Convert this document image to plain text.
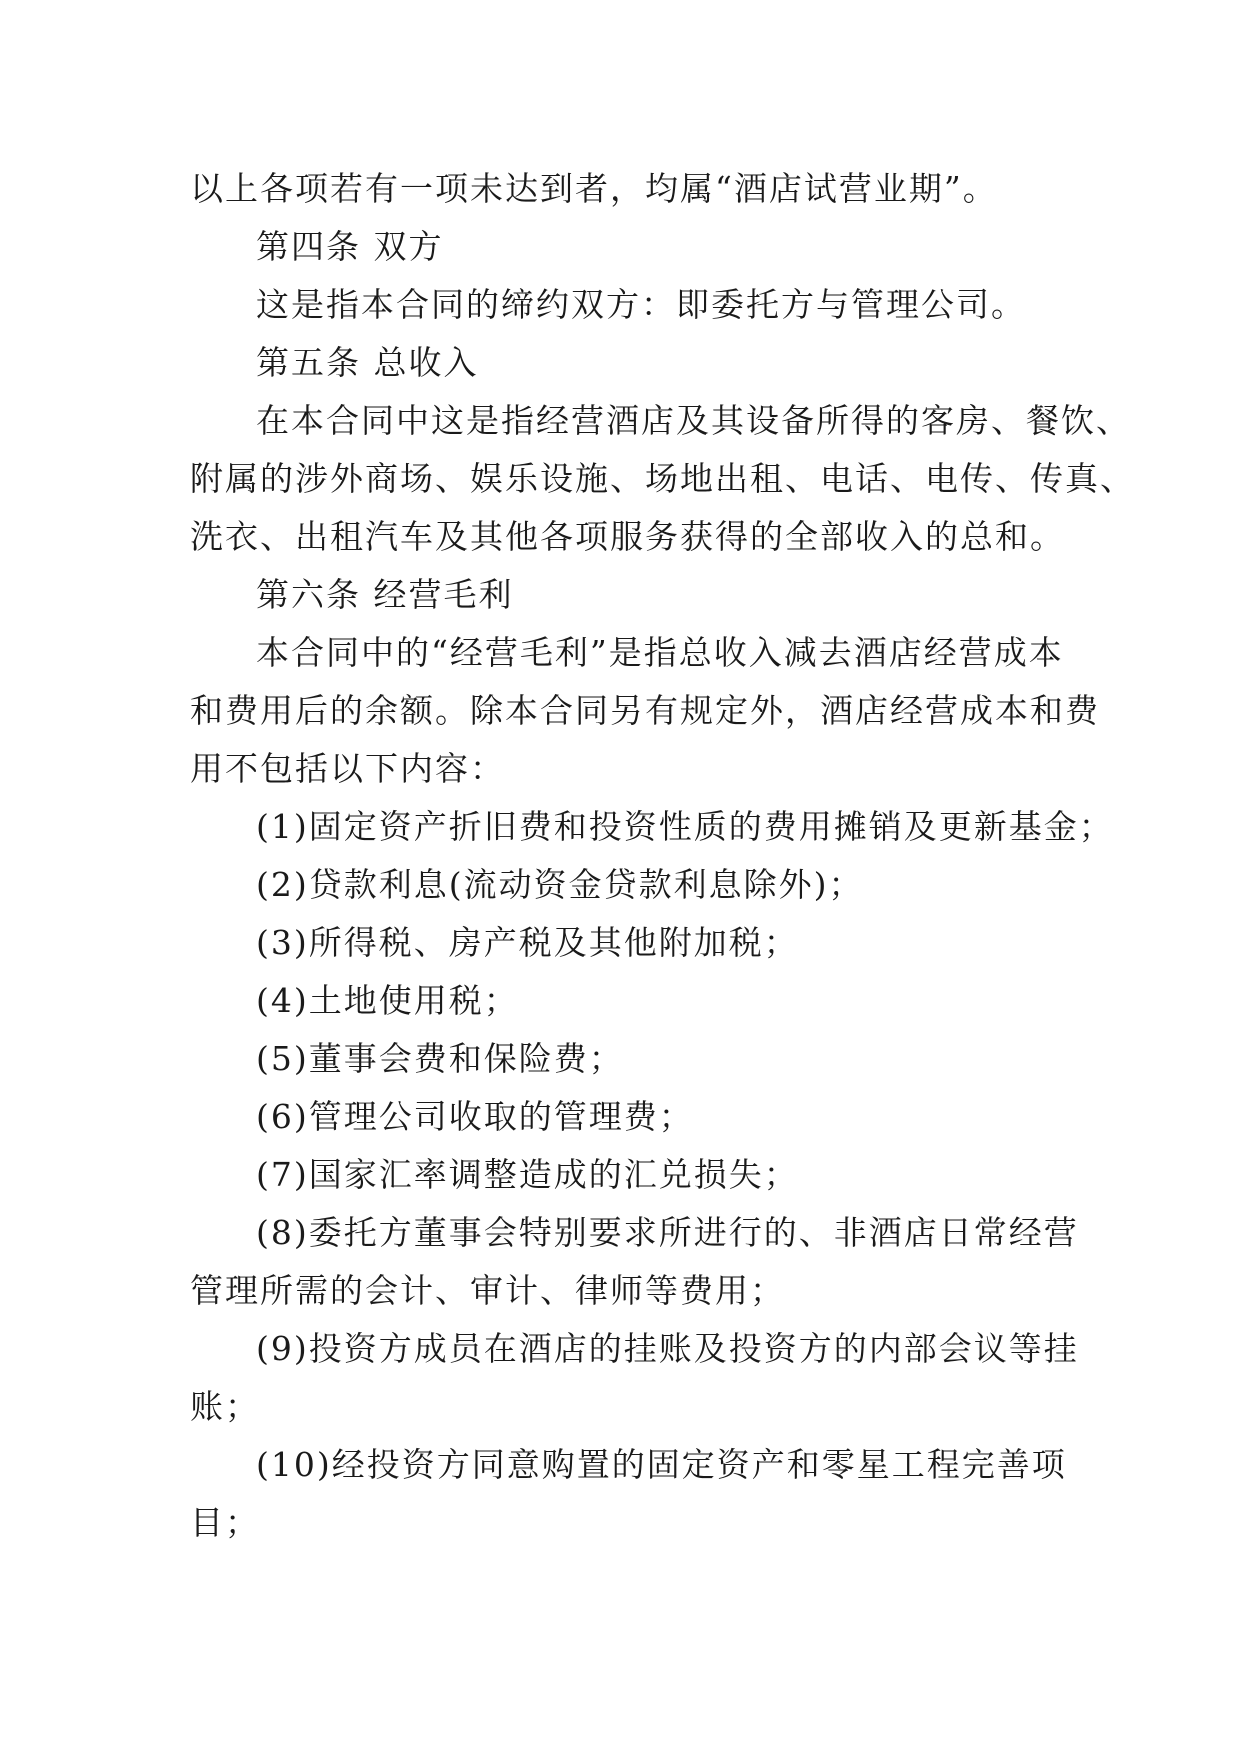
以上各项若有一项未达到者，均属“酒店试营业期”。
第四条 双方
这是指本合同的缔约双方：即委托方与管理公司。
第五条 总收入
在本合同中这是指经营酒店及其设备所得的客房、餐饮、
附属的涉外商场、娱乐设施、场地出租、电话、电传、传真、
洗衣、出租汽车及其他各项服务获得的全部收入的总和。
第六条 经营毛利
本合同中的“经营毛利”是指总收入减去酒店经营成本
和费用后的余额。除本合同另有规定外，酒店经营成本和费
用不包括以下内容：
(1)固定资产折旧费和投资性质的费用摊销及更新基金；
(2)贷款利息(流动资金贷款利息除外)；
(3)所得税、房产税及其他附加税；
(4)土地使用税；
(5)董事会费和保险费；
(6)管理公司收取的管理费；
(7)国家汇率调整造成的汇兑损失；
(8)委托方董事会特别要求所进行的、非酒店日常经营
管理所需的会计、审计、律师等费用；
(9)投资方成员在酒店的挂账及投资方的内部会议等挂
账；
(10)经投资方同意购置的固定资产和零星工程完善项
目；
